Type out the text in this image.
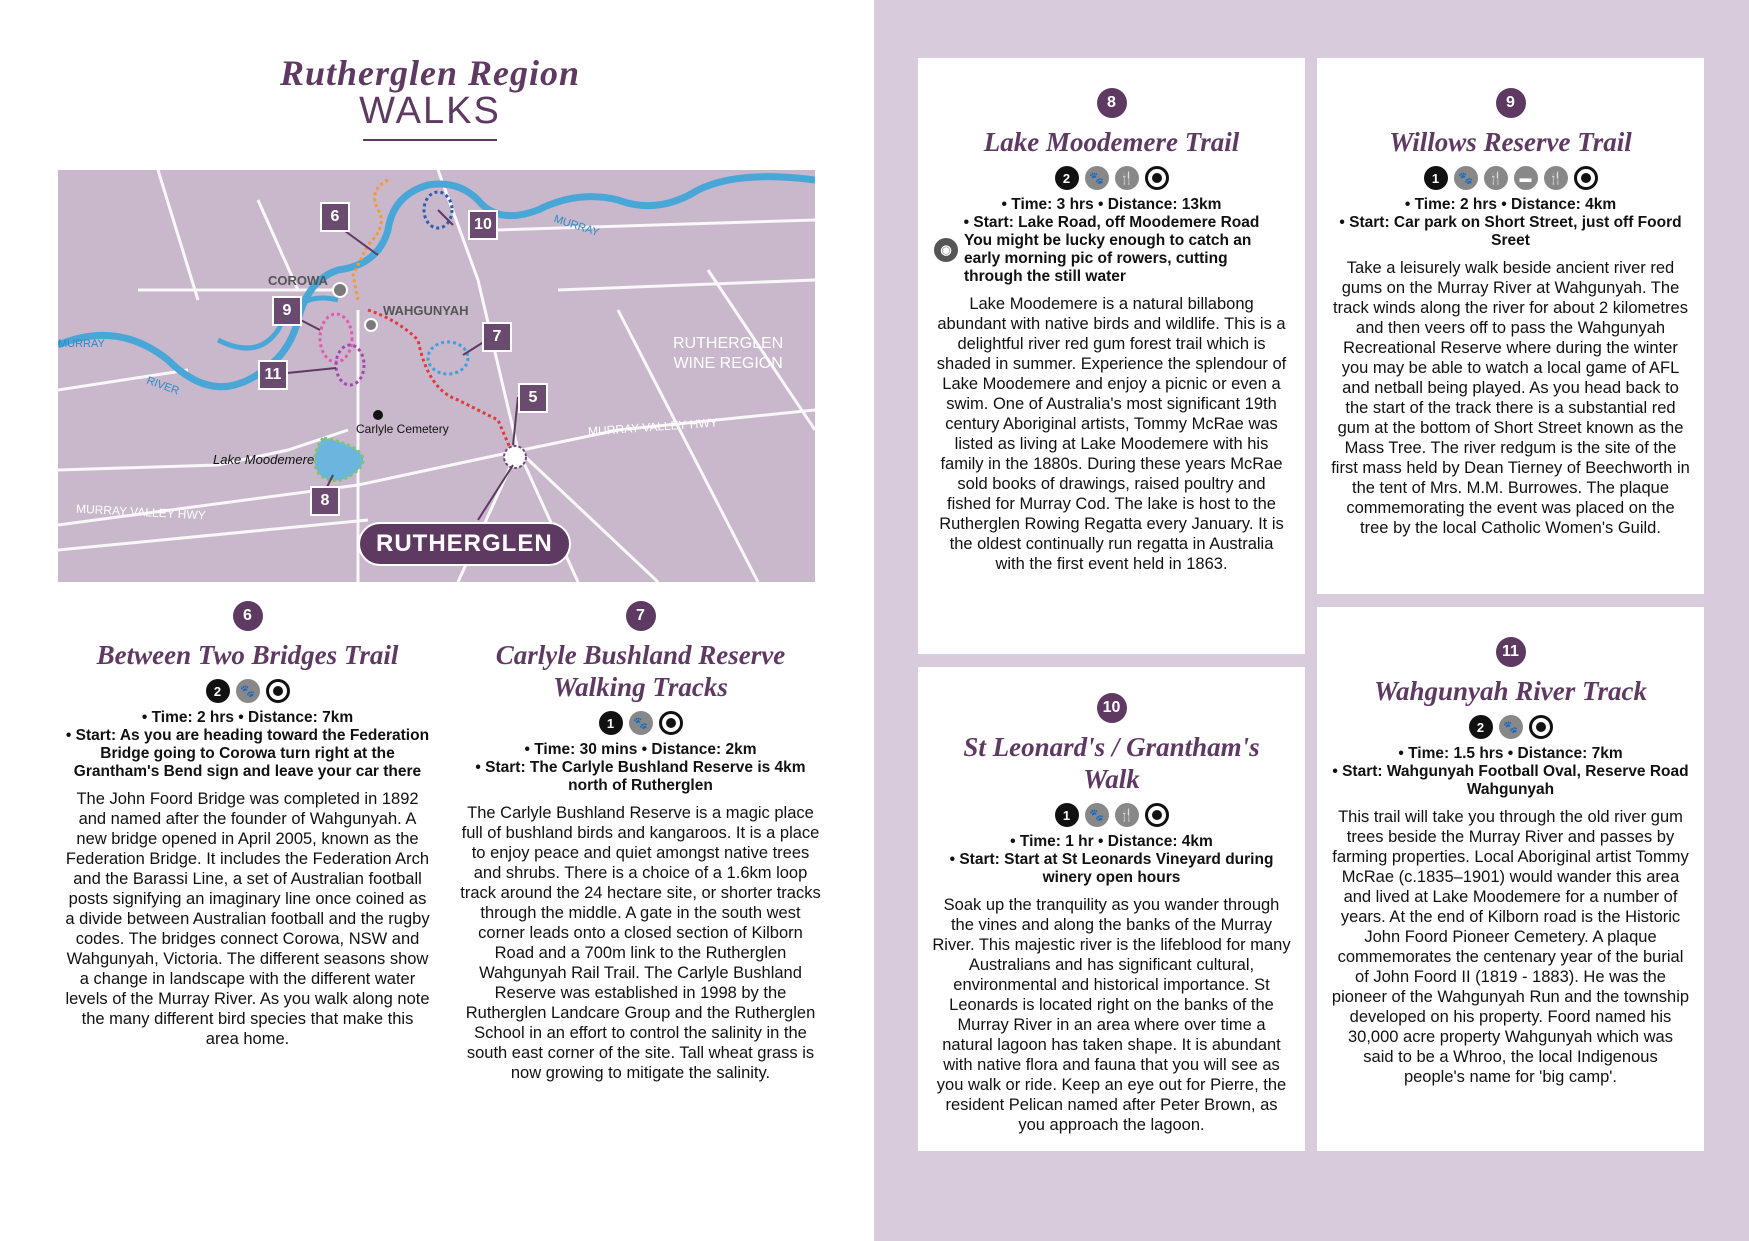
Rutherglen Region
WALKS
COROWA
WAHGUNYAH
MURRAY
MURRAY
RIVER
RUTHERGLEN
WINE REGION
Carlyle Cemetery
Lake Moodemere
MURRAY VALLEY HWY
MURRAY VALLEY HWY
6	10
9
7
11
5
8
RUTHERGLEN
6
Between Two Bridges Trail
2	🐾
• Time: 2 hrs • Distance: 7km
• Start: As you are heading toward the Federation Bridge going to Corowa turn right at the Grantham's Bend sign and leave your car there
The John Foord Bridge was completed in 1892 and named after the founder of Wahgunyah. A new bridge opened in April 2005, known as the Federation Bridge. It includes the Federation Arch and the Barassi Line, a set of Australian football posts signifying an imaginary line once coined as a divide between Australian football and the rugby codes. The bridges connect Corowa, NSW and Wahgunyah, Victoria. The different seasons show a change in landscape with the different water levels of the Murray River. As you walk along note the many different bird species that make this area home.
7
Carlyle Bushland Reserve Walking Tracks
1	🐾
• Time: 30 mins • Distance: 2km
• Start: The Carlyle Bushland Reserve is 4km north of Rutherglen
The Carlyle Bushland Reserve is a magic place full of bushland birds and kangaroos. It is a place to enjoy peace and quiet amongst native trees and shrubs. There is a choice of a 1.6km loop track around the 24 hectare site, or shorter tracks through the middle. A gate in the south west corner leads onto a closed section of Kilborn Road and a 700m link to the Rutherglen Wahgunyah Rail Trail. The Carlyle Bushland Reserve was established in 1998 by the Rutherglen Landcare Group and the Rutherglen School in an effort to control the salinity in the south east corner of the site. Tall wheat grass is now growing to mitigate the salinity.
8
Lake Moodemere Trail
2	🐾	🍴
• Time: 3 hrs • Distance: 13km
• Start: Lake Road, off Moodemere Road
◉
You might be lucky enough to catch an early morning pic of rowers, cutting through the still water
Lake Moodemere is a natural billabong abundant with native birds and wildlife. This is a delightful river red gum forest trail which is shaded in summer. Experience the splendour of Lake Moodemere and enjoy a picnic or even a swim. One of Australia's most significant 19th century Aboriginal artists, Tommy McRae was listed as living at Lake Moodemere with his family in the 1880s. During these years McRae sold books of drawings, raised poultry and fished for Murray Cod. The lake is host to the Rutherglen Rowing Regatta every January. It is the oldest continually run regatta in Australia with the first event held in 1863.
9
Willows Reserve Trail
1	🐾	🍴	▬	🍴
• Time: 2 hrs • Distance: 4km
• Start: Car park on Short Street, just off Foord Sreet
Take a leisurely walk beside ancient river red gums on the Murray River at Wahgunyah. The track winds along the river for about 2 kilometres and then veers off to pass the Wahgunyah Recreational Reserve where during the winter you may be able to watch a local game of AFL and netball being played. As you head back to the start of the track there is a substantial red gum at the bottom of Short Street known as the Mass Tree. The river redgum is the site of the first mass held by Dean Tierney of Beechworth in the tent of Mrs. M.M. Burrowes. The plaque commemorating the event was placed on the tree by the local Catholic Women's Guild.
10
St Leonard's / Grantham's Walk
1	🐾	🍴
• Time: 1 hr • Distance: 4km
• Start: Start at St Leonards Vineyard during winery open hours
Soak up the tranquility as you wander through the vines and along the banks of the Murray River. This majestic river is the lifeblood for many Australians and has significant cultural, environmental and historical importance. St Leonards is located right on the banks of the Murray River in an area where over time a natural lagoon has taken shape. It is abundant with native flora and fauna that you will see as you walk or ride. Keep an eye out for Pierre, the resident Pelican named after Peter Brown, as you approach the lagoon.
11
Wahgunyah River Track
2	🐾
• Time: 1.5 hrs • Distance: 7km
• Start: Wahgunyah Football Oval, Reserve Road Wahgunyah
This trail will take you through the old river gum trees beside the Murray River and passes by farming properties. Local Aboriginal artist Tommy McRae (c.1835–1901) would wander this area and lived at Lake Moodemere for a number of years. At the end of Kilborn road is the Historic John Foord Pioneer Cemetery. A plaque commemorates the centenary year of the burial of John Foord II (1819 - 1883). He was the pioneer of the Wahgunyah Run and the township developed on his property. Foord named his 30,000 acre property Wahgunyah which was said to be a Whroo, the local Indigenous people's name for 'big camp'.
